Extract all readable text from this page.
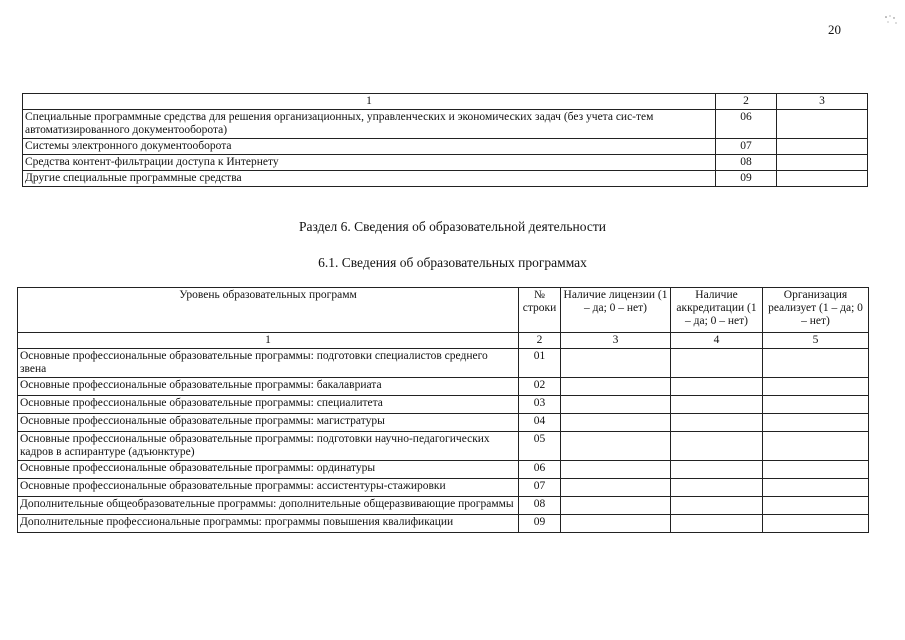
20
1	2	3
Специальные программные средства для решения организационных, управленческих и экономических задач (без учета сис-тем автоматизированного документооборота)	06	
Системы электронного документооборота	07	
Средства контент-фильтрации доступа к Интернету	08	
Другие специальные программные средства	09	
Раздел 6. Сведения об образовательной деятельности
6.1. Сведения об образовательных программах
Уровень образовательных программ	№ строки	Наличие лицензии (1 – да; 0 – нет)	Наличие аккредитации (1 – да; 0 – нет)	Организация реализует (1 – да; 0 – нет)
1	2	3	4	5
Основные профессиональные образовательные программы: подготовки специалистов среднего звена	01			
Основные профессиональные образовательные программы: бакалавриата	02			
Основные профессиональные образовательные программы: специалитета	03			
Основные профессиональные образовательные программы: магистратуры	04			
Основные профессиональные образовательные программы: подготовки научно-педагогических кадров в аспирантуре (адъюнктуре)	05			
Основные профессиональные образовательные программы: ординатуры	06			
Основные профессиональные образовательные программы: ассистентуры-стажировки	07			
Дополнительные общеобразовательные программы: дополнительные общеразвивающие программы	08			
Дополнительные профессиональные программы: программы повышения квалификации	09			
